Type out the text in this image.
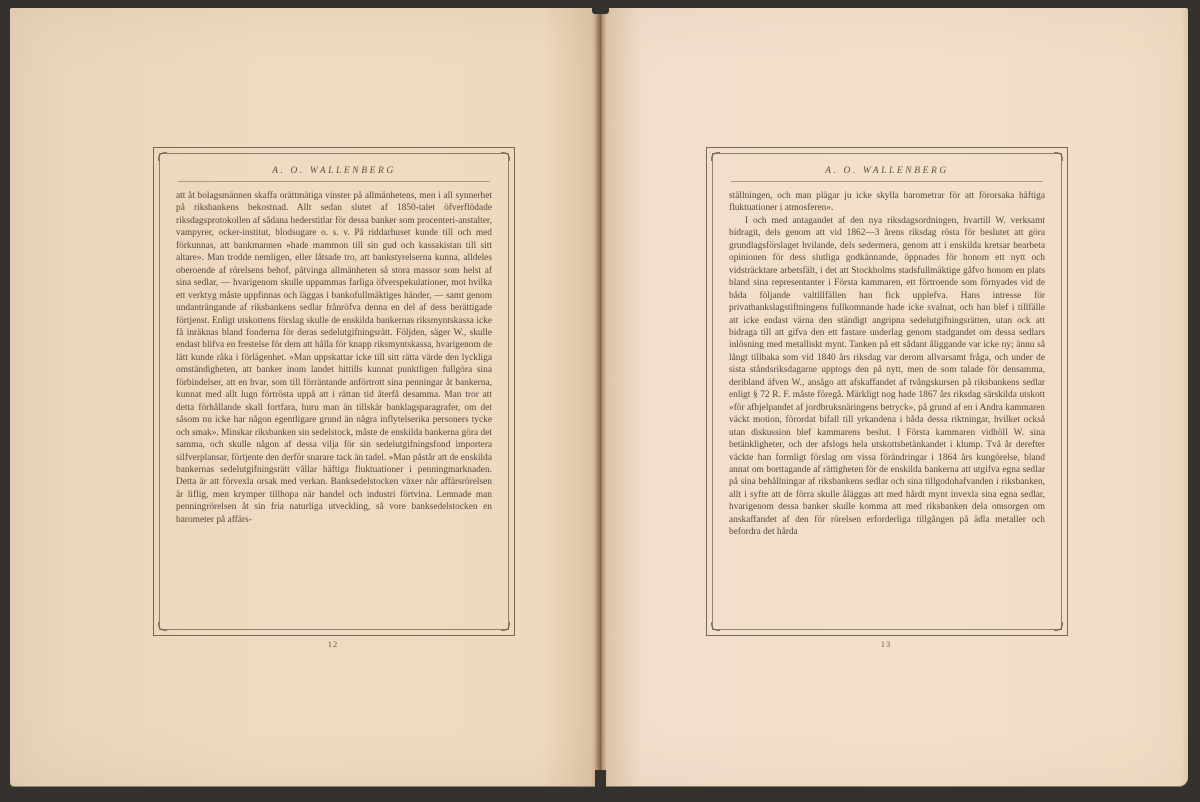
A. O. WALLENBERG

att åt bolagsmännen skaffa orättmätiga vinster på allmänhetens, men i all synnerhet på riksbankens bekostnad. Allt sedan slutet af 1850-talet öfverflödade riksdagsprotokollen af sådana hederstitlar för dessa banker som procenteri-anstalter, vampyrer, ocker-institut, blodsugare o. s. v. På riddarhuset kunde till och med förkunnas, att bankmannen »hade mammon till sin gud och kassakistan till sitt altare». Man trodde nemligen, eller låtsade tro, att bankstyrelserna kunna, alldeles oberoende af rörelsens behof, påtvinga allmänheten så stora massor som helst af sina sedlar, — hvarigenom skulle uppammas farliga öfverspekulationer, mot hvilka ett verktyg måste uppfinnas och läggas i bankofullmäktiges händer, — samt genom undanträngande af riksbankens sedlar frånröfva denna en del af dess berättigade förtjenst. Enligt utskottens förslag skulle de enskilda bankernas riksmyntskassa icke få inräknas bland fonderna för deras sedelutgifningsrätt. Följden, säger W., skulle endast blifva en frestelse för dem att hålla för knapp riksmyntskassa, hvarigenom de lätt kunde råka i förlägenhet. »Man uppskattar icke till sitt rätta värde den lyckliga omständigheten, att banker inom landet hittills kunnat punktligen fullgöra sina förbindelser, att en hvar, som till förräntande anförtrott sina penningar åt bankerna, kunnat med allt lugn förtrösta uppå att i rättan tid återfå desamma. Man tror att detta förhållande skall fortfara, huru man än tillskär banklagsparagrafer, om det såsom nu icke har någon egentligare grund än några inflytelserika personers tycke och smak». Minskar riksbanken sin sedelstock, måste de enskilda bankerna göra det samma, och skulle någon af dessa vilja för sin sedelutgifningsfond importera silfverplansar, förtjente den derför snarare tack än tadel. »Man påstår att de enskilda bankernas sedelutgifningsrätt vållar häftiga fluktuationer i penningmarknaden. Detta är att förvexla orsak med verkan. Banksedelstocken växer när affärsrörelsen är liflig, men krymper tillhopa när handel och industri förtvina. Lemnade man penningrörelsen åt sin fria naturliga utveckling, så vore banksedelstocken en barometer på affärs-

12
A. O. WALLENBERG

ställningen, och man plägar ju icke skylla barometrar för att förorsaka häftiga fluktuationer i atmosferen».

I och med antagandet af den nya riksdagsordningen, hvartill W. verksamt bidragit, dels genom att vid 1862—3 årens riksdag rösta för beslutet att göra grundlagsförslaget hvilande, dels sedermera, genom att i enskilda kretsar bearbeta opinionen för dess slutliga godkännande, öppnades för honom ett nytt och vidsträcktare arbetsfält, i det att Stockholms stadsfullmäktige gåfvo honom en plats bland sina representanter i Första kammaren, ett förtroende som förnyades vid de båda följande valtillfällen han fick upplefva. Hans intresse för privatbankslagstiftningens fullkomnande hade icke svalnat, och han blef i tillfälle att icke endast värna den ständigt angripna sedelutgifningsrätten, utan ock att bidraga till att gifva den ett fastare underlag genom stadgandet om dessa sedlars inlösning med metalliskt mynt. Tanken på ett sådant åliggande var icke ny; ännu så långt tillbaka som vid 1840 års riksdag var derom allvarsamt fråga, och under de sista ståndsriksdagarne upptogs den på nytt, men de som talade för densamma, deribland äfven W., ansågo att afskaffandet af tvångskursen på riksbankens sedlar enligt § 72 R. F. måste föregå. Märkligt nog hade 1867 års riksdag särskilda utskott »för afhjelpandet af jordbruksnäringens betryck», på grund af en i Andra kammaren väckt motion, förordat bifall till yrkandena i båda dessa riktningar, hvilket också utan diskussion blef kammarens beslut. I Första kammaren vidhöll W. sina betänkligheter, och der afslogs hela utskottsbetänkandet i klump. Två år derefter väckte han formligt förslag om vissa förändringar i 1864 års kungörelse, bland annat om borttagande af rättigheten för de enskilda bankerna att utgifva egna sedlar på sina behållningar af riksbankens sedlar och sina tillgodohafvanden i riksbanken, allt i syfte att de förra skulle åläggas att med hårdt mynt invexla sina egna sedlar, hvarigenom dessa banker skulle komma att med riksbanken dela omsorgen om anskaffandet af den för rörelsen erforderliga tillgången på ädla metaller och befordra det hårda

13
